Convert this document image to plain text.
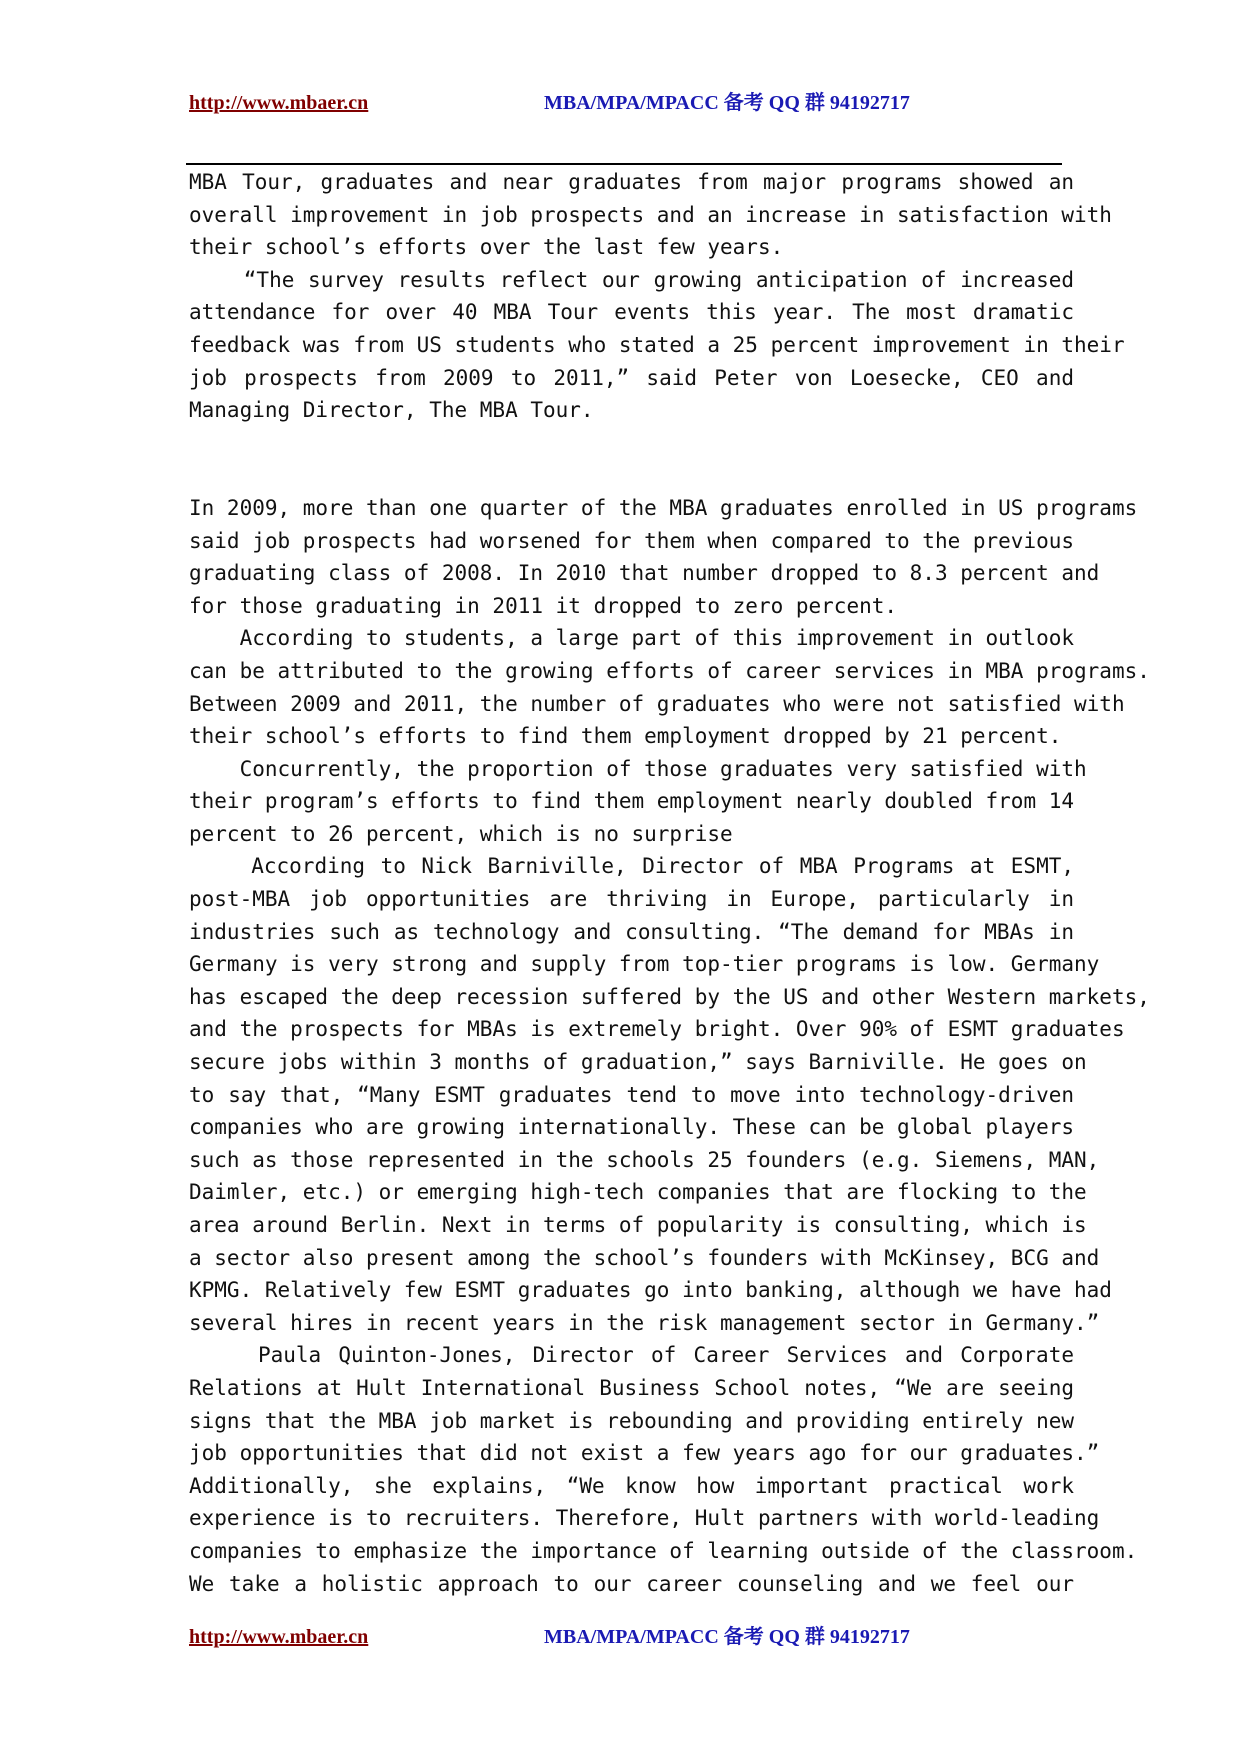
http://www.mbaer.cn	MBA/MPA/MPACC 备考 QQ 群 94192717
MBA Tour, graduates and near graduates from major programs showed an
overall improvement in job prospects and an increase in satisfaction with
their school’s efforts over the last few years.
“The survey results reflect our growing anticipation of increased
attendance for over 40 MBA Tour events this year. The most dramatic
feedback was from US students who stated a 25 percent improvement in their
job prospects from 2009 to 2011,” said Peter von Loesecke, CEO and
Managing Director, The MBA Tour.
In 2009, more than one quarter of the MBA graduates enrolled in US programs
said job prospects had worsened for them when compared to the previous
graduating class of 2008. In 2010 that number dropped to 8.3 percent and
for those graduating in 2011 it dropped to zero percent.
According to students, a large part of this improvement in outlook
can be attributed to the growing efforts of career services in MBA programs.
Between 2009 and 2011, the number of graduates who were not satisfied with
their school’s efforts to find them employment dropped by 21 percent.
Concurrently, the proportion of those graduates very satisfied with
their program’s efforts to find them employment nearly doubled from 14
percent to 26 percent, which is no surprise
According to Nick Barniville, Director of MBA Programs at ESMT,
post-MBA job opportunities are thriving in Europe, particularly in
industries such as technology and consulting. “The demand for MBAs in
Germany is very strong and supply from top-tier programs is low. Germany
has escaped the deep recession suffered by the US and other Western markets,
and the prospects for MBAs is extremely bright. Over 90% of ESMT graduates
secure jobs within 3 months of graduation,” says Barniville. He goes on
to say that, “Many ESMT graduates tend to move into technology-driven
companies who are growing internationally. These can be global players
such as those represented in the schools 25 founders (e.g. Siemens, MAN,
Daimler, etc.) or emerging high-tech companies that are flocking to the
area around Berlin. Next in terms of popularity is consulting, which is
a sector also present among the school’s founders with McKinsey, BCG and
KPMG. Relatively few ESMT graduates go into banking, although we have had
several hires in recent years in the risk management sector in Germany.”
Paula Quinton-Jones, Director of Career Services and Corporate
Relations at Hult International Business School notes, “We are seeing
signs that the MBA job market is rebounding and providing entirely new
job opportunities that did not exist a few years ago for our graduates.”
Additionally, she explains, “We know how important practical work
experience is to recruiters. Therefore, Hult partners with world-leading
companies to emphasize the importance of learning outside of the classroom.
We take a holistic approach to our career counseling and we feel our
http://www.mbaer.cn	MBA/MPA/MPACC 备考 QQ 群 94192717
